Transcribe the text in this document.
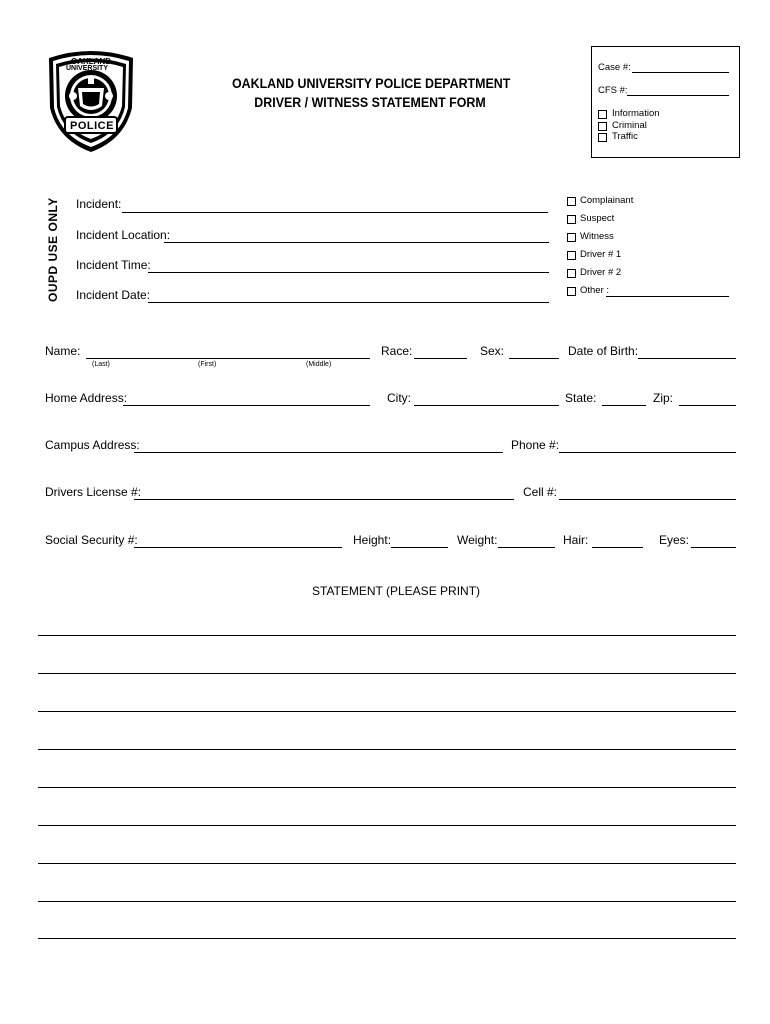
OAKLAND
UNIVERSITY
POLICE
OAKLAND UNIVERSITY POLICE DEPARTMENT
DRIVER / WITNESS STATEMENT FORM
Case #:
CFS #:
Information
Criminal
Traffic
OUPD USE ONLY Incident:
Incident Location:
Incident Time:
Incident Date:
Complainant
Suspect
Witness
Driver # 1
Driver # 2
Other :
Name:
(Last)	(First)	(Middle)
Race:	Sex:	Date of Birth:
Home Address:	City:	State:	Zip:
Campus Address:	Phone #:
Drivers License #:	Cell #:
Social Security #:	Height:	Weight:	Hair:	Eyes:
STATEMENT (PLEASE PRINT)
